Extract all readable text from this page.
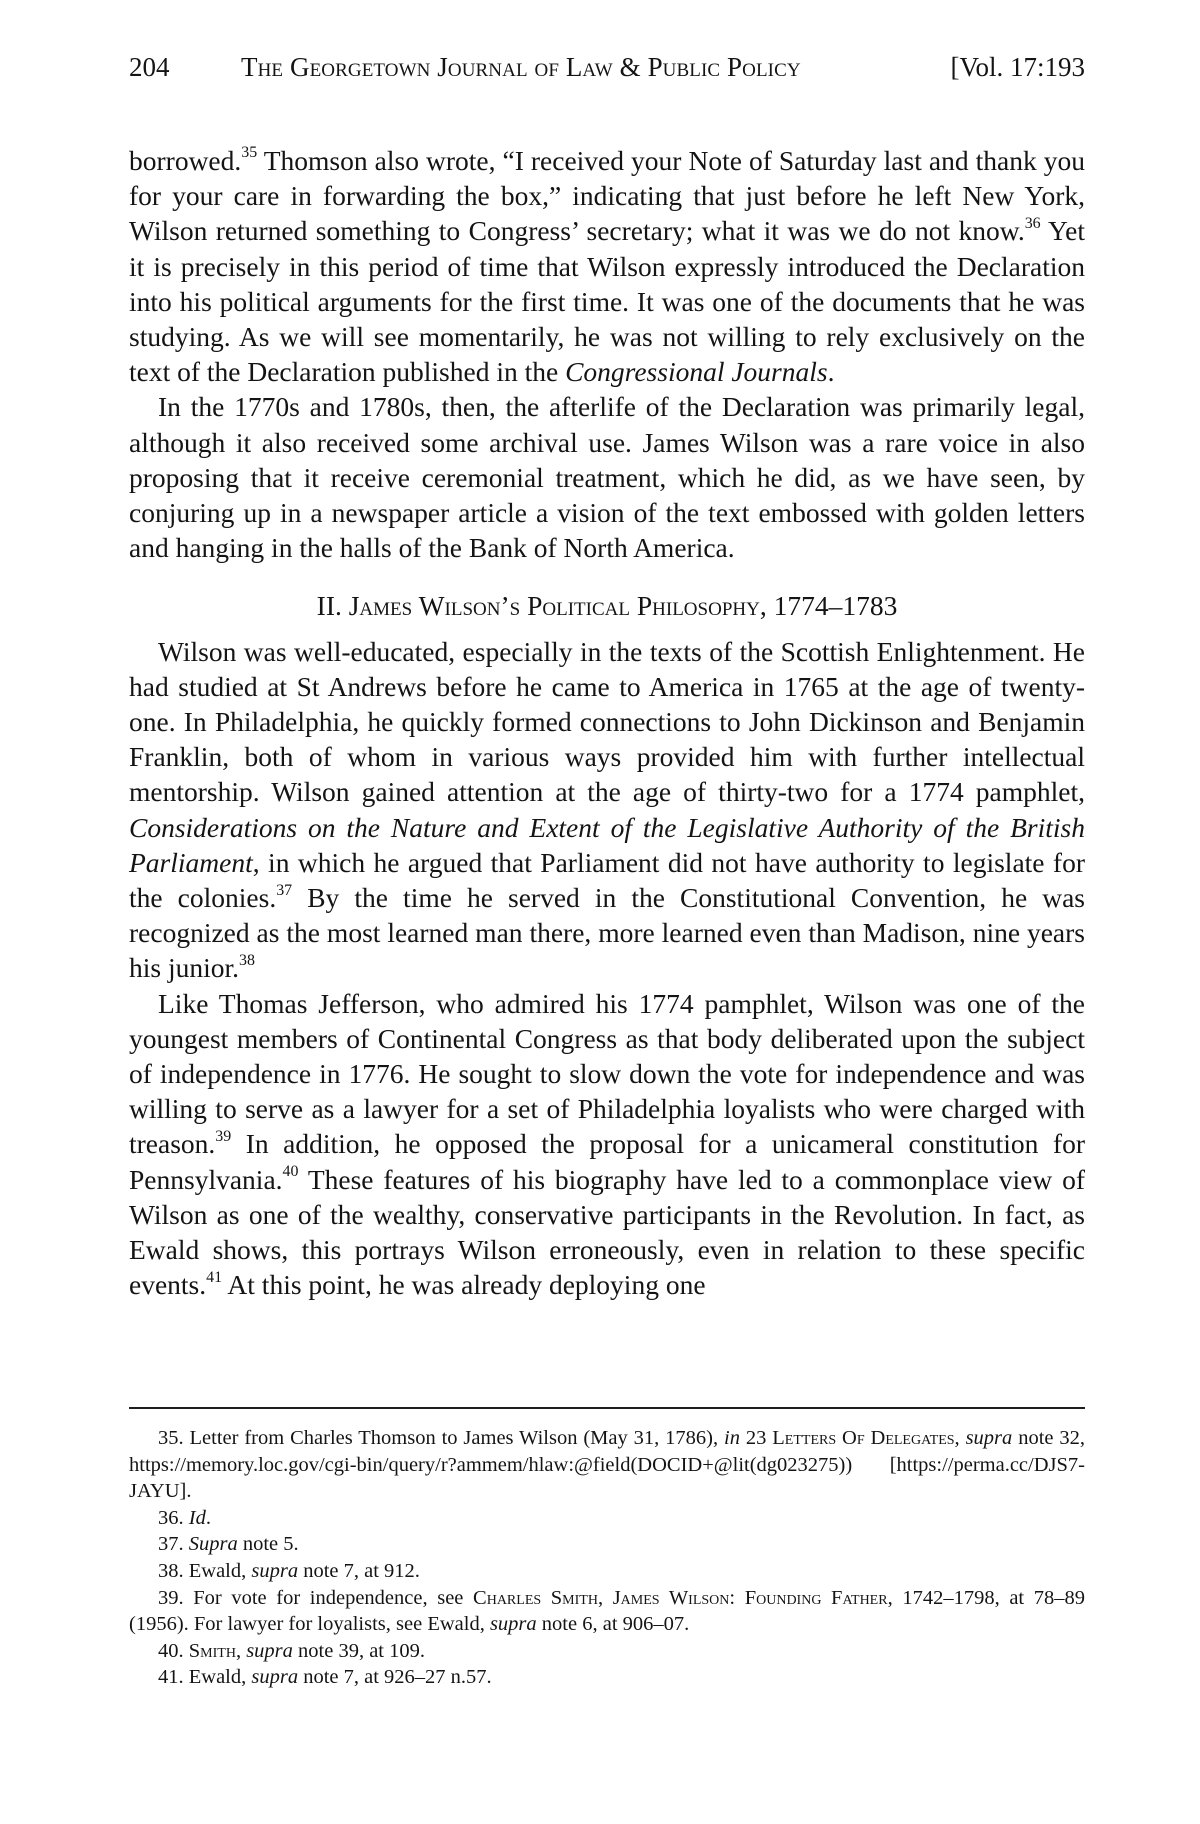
204	The Georgetown Journal of Law & Public Policy	[Vol. 17:193

borrowed.$^{35}$ Thomson also wrote, “I received your Note of Saturday last and thank you for your care in forwarding the box,” indicating that just before he left New York, Wilson returned something to Congress’ secretary; what it was we do not know.$^{36}$ Yet it is precisely in this period of time that Wilson expressly introduced the Declaration into his political arguments for the first time. It was one of the documents that he was studying. As we will see momentarily, he was not willing to rely exclusively on the text of the Declaration published in the Congressional Journals.

In the 1770s and 1780s, then, the afterlife of the Declaration was primarily legal, although it also received some archival use. James Wilson was a rare voice in also proposing that it receive ceremonial treatment, which he did, as we have seen, by conjuring up in a newspaper article a vision of the text embossed with golden letters and hanging in the halls of the Bank of North America.

II. James Wilson’s Political Philosophy, 1774–1783

Wilson was well-educated, especially in the texts of the Scottish Enlightenment. He had studied at St Andrews before he came to America in 1765 at the age of twenty-one. In Philadelphia, he quickly formed connections to John Dickinson and Benjamin Franklin, both of whom in various ways provided him with further intellectual mentorship. Wilson gained attention at the age of thirty-two for a 1774 pamphlet, Considerations on the Nature and Extent of the Legislative Authority of the British Parliament, in which he argued that Parliament did not have authority to legislate for the colonies.$^{37}$ By the time he served in the Constitutional Convention, he was recognized as the most learned man there, more learned even than Madison, nine years his junior.$^{38}$

Like Thomas Jefferson, who admired his 1774 pamphlet, Wilson was one of the youngest members of Continental Congress as that body deliberated upon the subject of independence in 1776. He sought to slow down the vote for independence and was willing to serve as a lawyer for a set of Philadelphia loyalists who were charged with treason.$^{39}$ In addition, he opposed the proposal for a unicameral constitution for Pennsylvania.$^{40}$ These features of his biography have led to a commonplace view of Wilson as one of the wealthy, conservative participants in the Revolution. In fact, as Ewald shows, this portrays Wilson erroneously, even in relation to these specific events.$^{41}$ At this point, he was already deploying one

35. Letter from Charles Thomson to James Wilson (May 31, 1786), in 23 Letters Of Delegates, supra note 32, https://memory.loc.gov/cgi-bin/query/r?ammem/hlaw:@field(DOCID+@lit(dg023275)) [https://perma.cc/DJS7-JAYU].

36. Id.

37. Supra note 5.

38. Ewald, supra note 7, at 912.

39. For vote for independence, see Charles Smith, James Wilson: Founding Father, 1742–1798, at 78–89 (1956). For lawyer for loyalists, see Ewald, supra note 6, at 906–07.

40. Smith, supra note 39, at 109.

41. Ewald, supra note 7, at 926–27 n.57.
